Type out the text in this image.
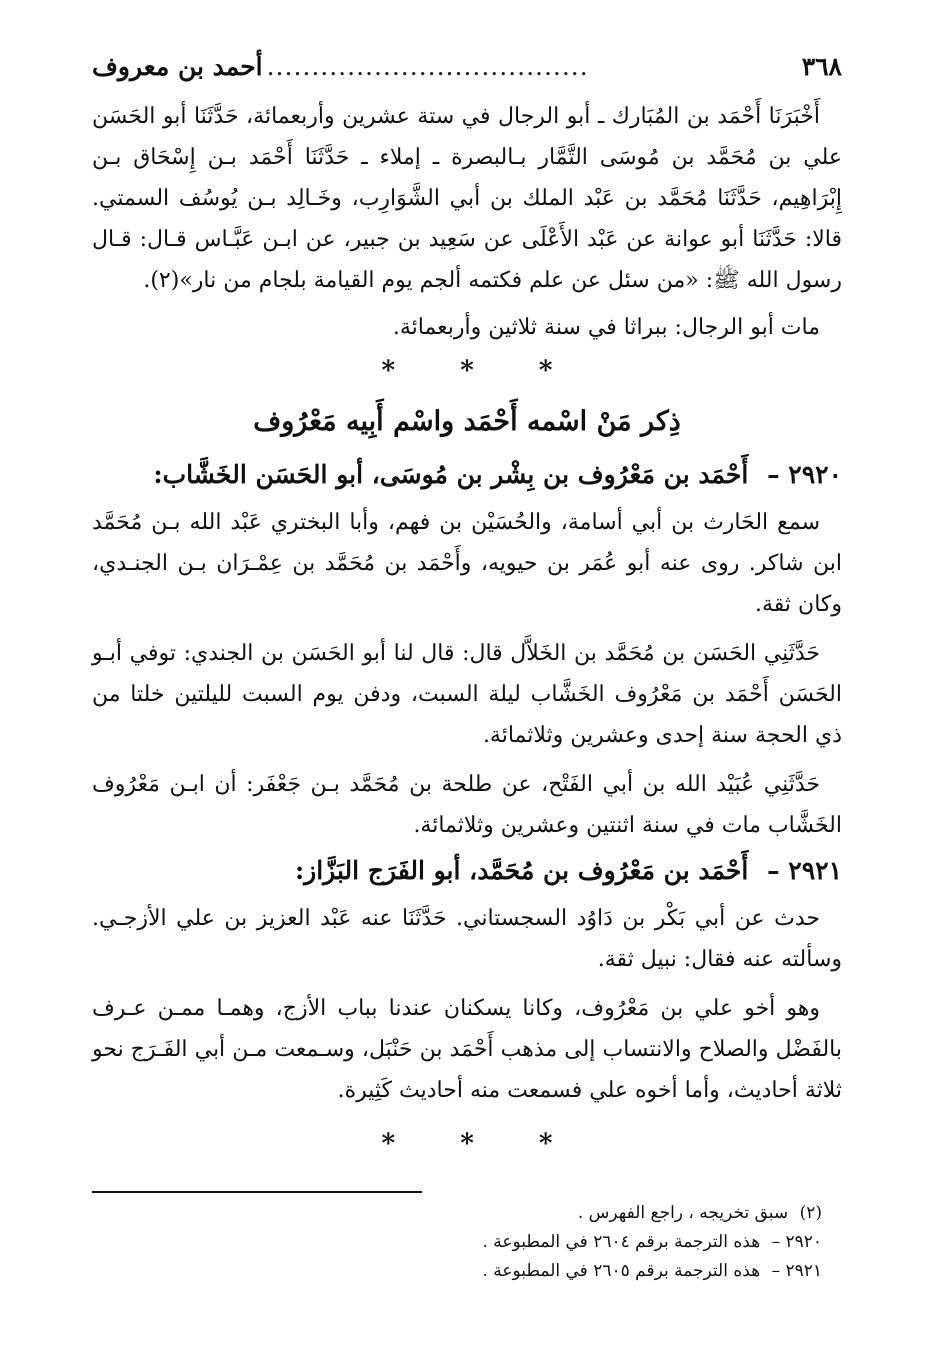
٣٦٨
....................................
أحمد بن معروف

أَخْبَرَنَا أَحْمَد بن المُبَارك ـ أبو الرجال في ستة عشرين وأربعمائة، حَدَّثَنَا أبو الحَسَن علي بن مُحَمَّد بن مُوسَى التَّمَّار بـالبصرة ـ إملاء ـ حَدَّثَنَا أَحْمَد بـن إِسْحَاق بـن إِبْرَاهِيم، حَدَّثَنَا مُحَمَّد بن عَبْد الملك بن أبي الشَّوَارِب، وخَـالِد بـن يُوسُف السمتي. قالا: حَدَّثَنَا أبو عوانة عن عَبْد الأَعْلَى عن سَعِيد بن جبير، عن ابـن عَبَّـاس قـال: قـال رسول الله ﷺ: «من سئل عن علم فكتمه ألجم يوم القيامة بلجام من نار»(٢).

مات أبو الرجال: ببراثا في سنة ثلاثين وأربعمائة.

* * *
ذِكر مَنْ اسْمه أَحْمَد واسْم أَبِيه مَعْرُوف
٢٩٢٠ – أَحْمَد بن مَعْرُوف بن بِشْر بن مُوسَى، أبو الحَسَن الخَشَّاب:

سمع الحَارث بن أبي أسامة، والحُسَيْن بن فهم، وأبا البختري عَبْد الله بـن مُحَمَّد ابن شاكر. روى عنه أبو عُمَر بن حيويه، وأَحْمَد بن مُحَمَّد بن عِمْـرَان بـن الجنـدي، وكان ثقة.

حَدَّثَنِي الحَسَن بن مُحَمَّد بن الخَلاَّل قال: قال لنا أبو الحَسَن بن الجندي: توفي أبـو الحَسَن أَحْمَد بن مَعْرُوف الخَشَّاب ليلة السبت، ودفن يوم السبت لليلتين خلتا من ذي الحجة سنة إحدى وعشرين وثلاثمائة.

حَدَّثَنِي عُبَيْد الله بن أبي الفَتْح، عن طلحة بن مُحَمَّد بـن جَعْفَر: أن ابـن مَعْرُوف الخَشَّاب مات في سنة اثنتين وعشرين وثلاثمائة.

٢٩٢١ – أَحْمَد بن مَعْرُوف بن مُحَمَّد، أبو الفَرَج البَزَّاز:

حدث عن أبي بَكْر بن دَاوُد السجستاني. حَدَّثَنَا عنه عَبْد العزيز بن علي الأزجـي. وسألته عنه فقال: نبيل ثقة.

وهو أخو علي بن مَعْرُوف، وكانا يسكنان عندنا بباب الأزج، وهمـا ممـن عـرف بالفَضْل والصلاح والانتساب إلى مذهب أَحْمَد بن حَنْبَل، وسـمعت مـن أبي الفَـرَج نحو ثلاثة أحاديث، وأما أخوه علي فسمعت منه أحاديث كَثِيرة.

* * *

(٢) سبق تخريجه ، راجع الفهرس .

٢٩٢٠ – هذه الترجمة برقم ٢٦٠٤ في المطبوعة .

٢٩٢١ – هذه الترجمة برقم ٢٦٠٥ في المطبوعة .
